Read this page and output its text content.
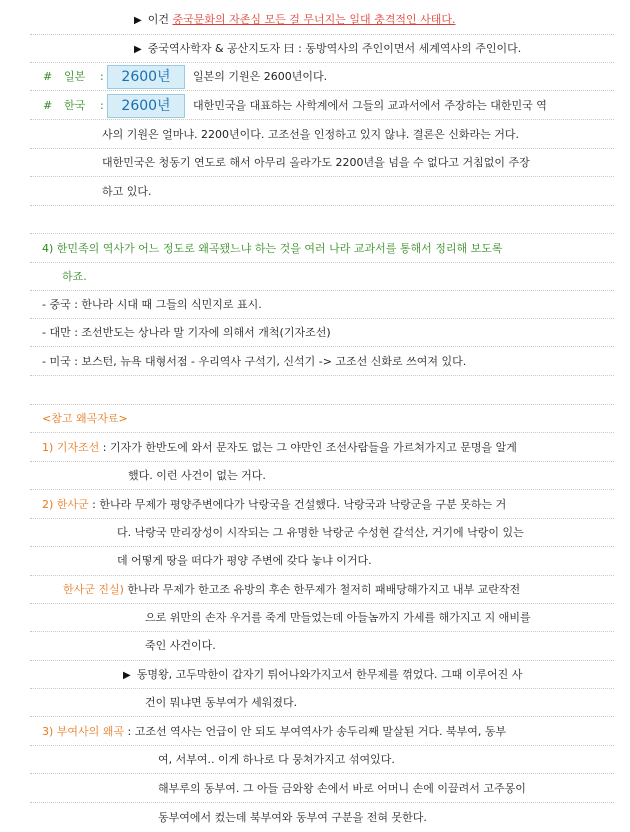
▶ 이건 중국문화의 자존심 모든 걸 무너지는 일대 충격적인 사태다.
▶ 중국역사학자 & 공산지도자 曰 : 동방역사의 주인이면서 세계역사의 주인이다.
# 일본 :	2600년	일본의 기원은 2600년이다.
# 한국 :	2600년	대한민국을 대표하는 사학계에서 그들의 교과서에서 주장하는 대한민국 역
사의 기원은 얼마냐. 2200년이다. 고조선을 인정하고 있지 않냐. 결론은 신화라는 거다.
대한민국은 청동기 연도로 해서 아무리 올라가도 2200년을 넘을 수 없다고 거침없이 주장
하고 있다.
4) 한민족의 역사가 어느 정도로 왜곡됐느냐 하는 것을 여러 나라 교과서를 통해서 정리해 보도록
하죠.
- 중국 : 한나라 시대 때 그들의 식민지로 표시.
- 대만 : 조선반도는 상나라 말 기자에 의해서 개척(기자조선)
- 미국 : 보스턴, 뉴욕 대형서점 - 우리역사 구석기, 신석기 -> 고조선 신화로 쓰여져 있다.
<참고 왜곡자료>
1) 기자조선 : 기자가 한반도에 와서 문자도 없는 그 야만인 조선사람들을 가르쳐가지고 문명을 알게
했다. 이런 사건이 없는 거다.
2) 한사군 : 한나라 무제가 평양주변에다가 낙랑국을 건설했다. 낙랑국과 낙랑군을 구분 못하는 거
다. 낙랑국 만리장성이 시작되는 그 유명한 낙랑군 수성현 갈석산, 거기에 낙랑이 있는
데 어떻게 땅을 떠다가 평양 주변에 갖다 놓냐 이거다.
한사군 진실) 한나라 무제가 한고조 유방의 후손 한무제가 철저히 패배당해가지고 내부 교란작전
으로 위만의 손자 우거를 죽게 만들었는데 아들놈까지 가세를 해가지고 지 애비를
죽인 사건이다.
▶ 동명왕, 고두막한이 갑자기 튀어나와가지고서 한무제를 꺾었다. 그때 이루어진 사
건이 뭐냐면 동부여가 세워졌다.
3) 부여사의 왜곡 : 고조선 역사는 언급이 안 되도 부여역사가 송두리째 말살된 거다. 북부여, 동부
여, 서부여.. 이게 하나로 다 뭉쳐가지고 섞여있다.
해부루의 동부여. 그 아들 금와왕 손에서 바로 어머니 손에 이끌려서 고주몽이
동부여에서 컸는데 북부여와 동부여 구분을 전혀 못한다.
